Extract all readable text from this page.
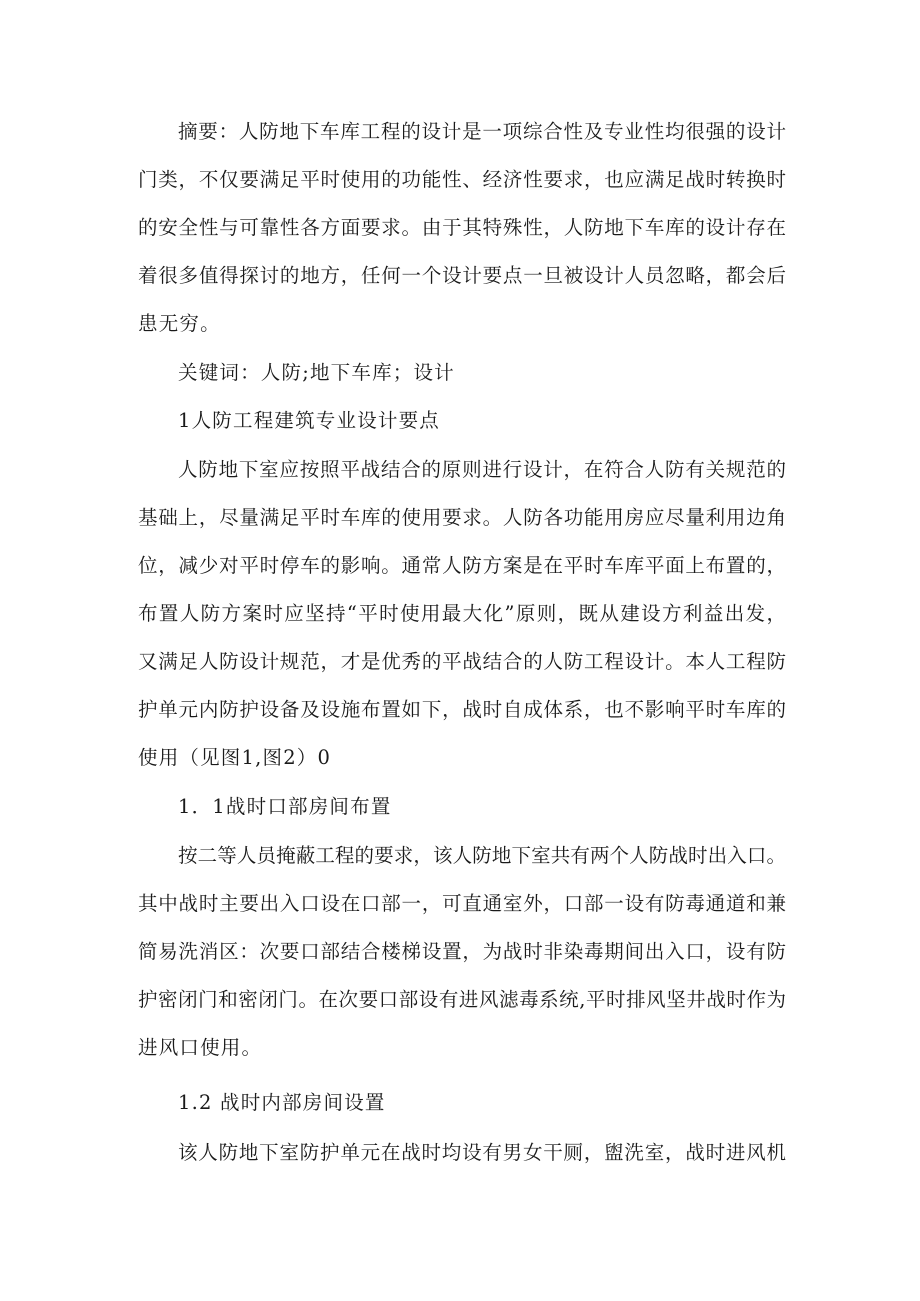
摘要：人防地下车库工程的设计是一项综合性及专业性均很强的设计
门类，不仅要满足平时使用的功能性、经济性要求，也应满足战时转换时
的安全性与可靠性各方面要求。由于其特殊性，人防地下车库的设计存在
着很多值得探讨的地方，任何一个设计要点一旦被设计人员忽略，都会后
患无穷。
关键词：人防;地下车库；设计
1人防工程建筑专业设计要点
人防地下室应按照平战结合的原则进行设计，在符合人防有关规范的
基础上，尽量满足平时车库的使用要求。人防各功能用房应尽量利用边角
位，减少对平时停车的影响。通常人防方案是在平时车库平面上布置的，
布置人防方案时应坚持“平时使用最大化”原则，既从建设方利益出发，
又满足人防设计规范，才是优秀的平战结合的人防工程设计。本人工程防
护单元内防护设备及设施布置如下，战时自成体系，也不影响平时车库的
使用（见图1,图2）0
1．1战时口部房间布置
按二等人员掩蔽工程的要求，该人防地下室共有两个人防战时出入口。
其中战时主要出入口设在口部一，可直通室外，口部一设有防毒通道和兼
简易洗消区：次要口部结合楼梯设置，为战时非染毒期间出入口，设有防
护密闭门和密闭门。在次要口部设有进风滤毒系统,平时排风坚井战时作为
进风口使用。
1.2 战时内部房间设置
该人防地下室防护单元在战时均设有男女干厕，盥洗室，战时进风机
